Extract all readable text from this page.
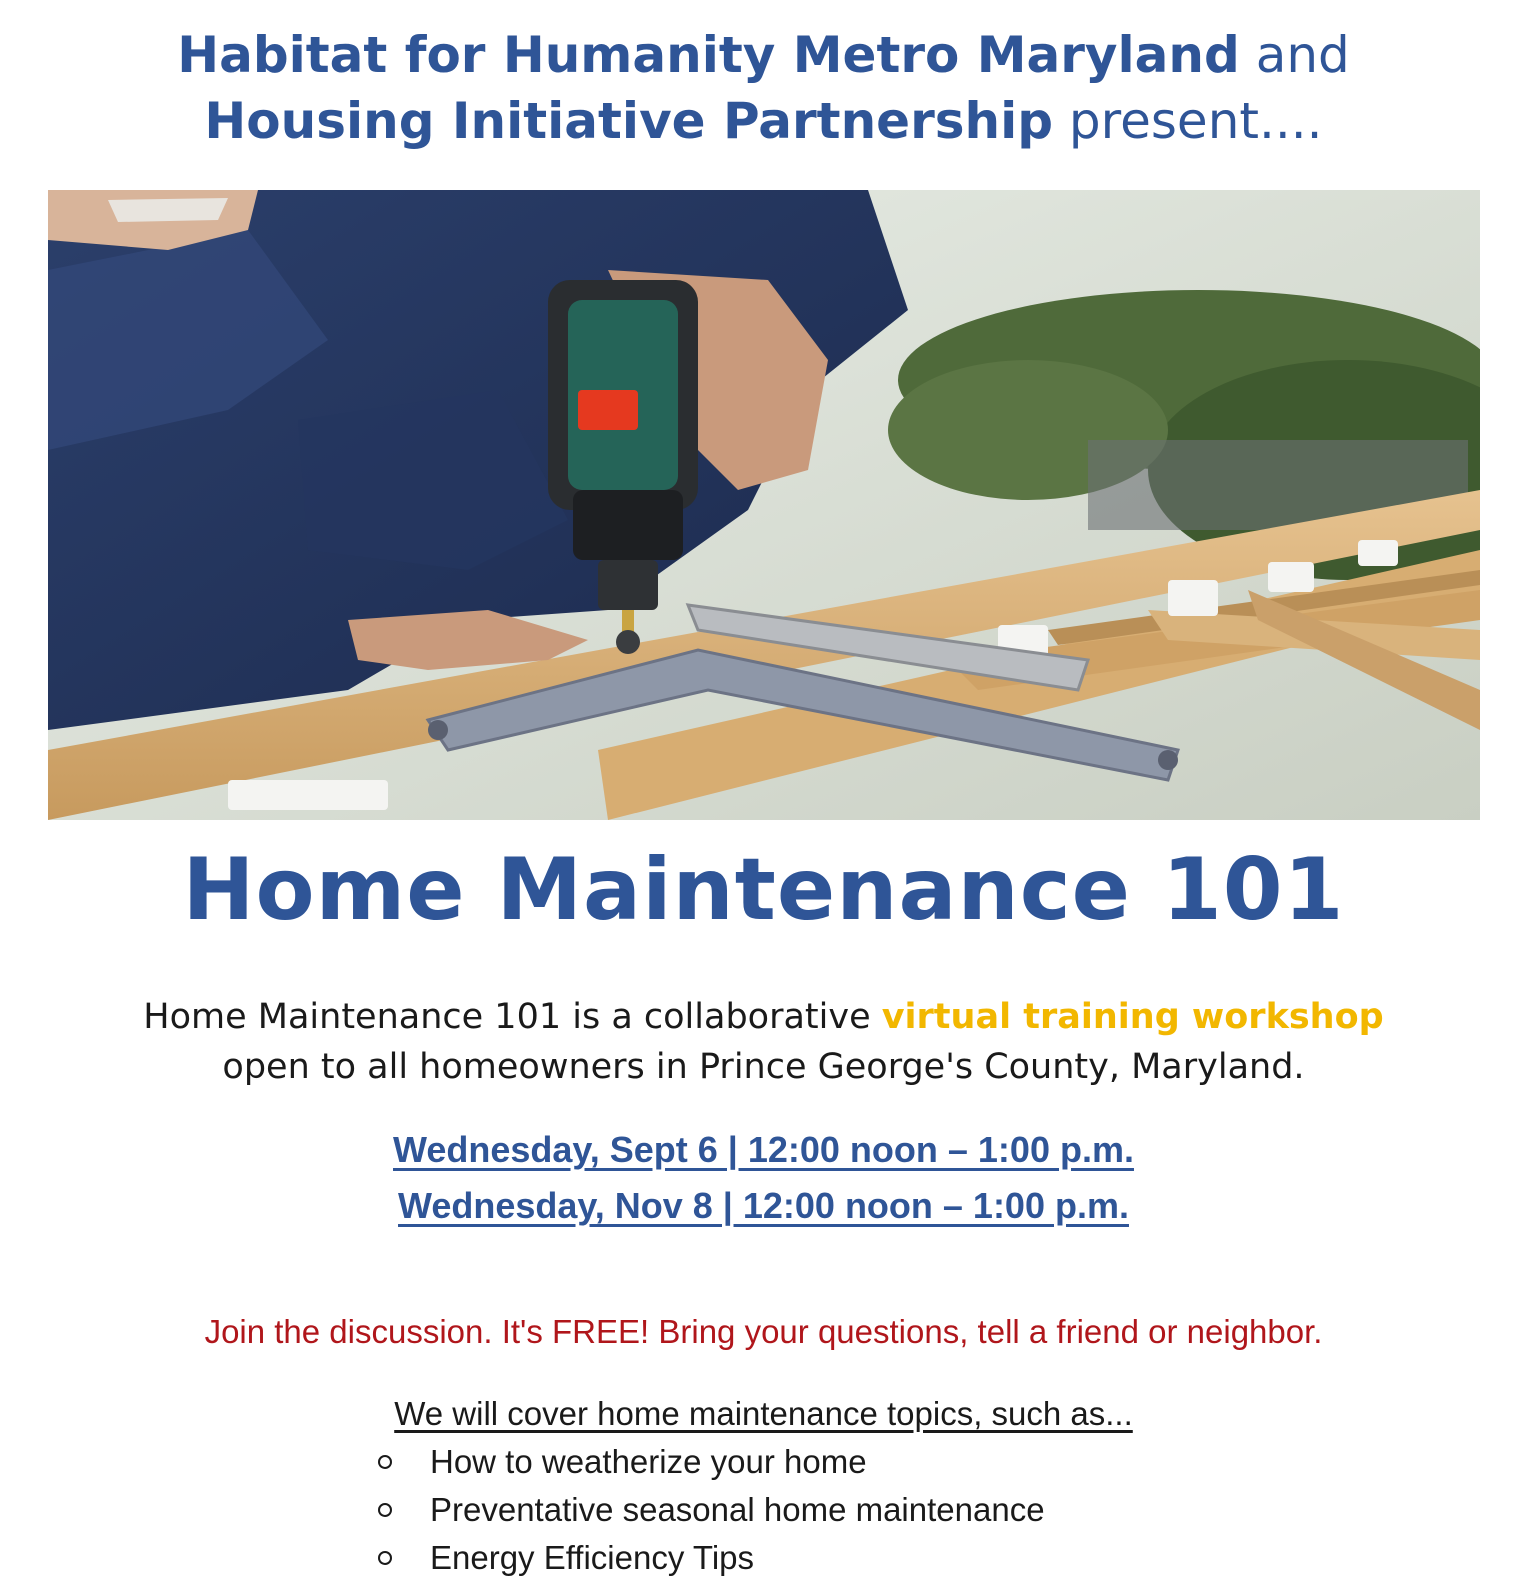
Habitat for Humanity Metro Maryland and
Housing Initiative Partnership present....
Home Maintenance 101
Home Maintenance 101 is a collaborative virtual training workshop
open to all homeowners in Prince George's County, Maryland.
Wednesday, Sept 6 | 12:00 noon – 1:00 p.m.
Wednesday, Nov 8 | 12:00 noon – 1:00 p.m.
Join the discussion. It's FREE! Bring your questions, tell a friend or neighbor.
We will cover home maintenance topics, such as...
How to weatherize your home
Preventative seasonal home maintenance
Energy Efficiency Tips
